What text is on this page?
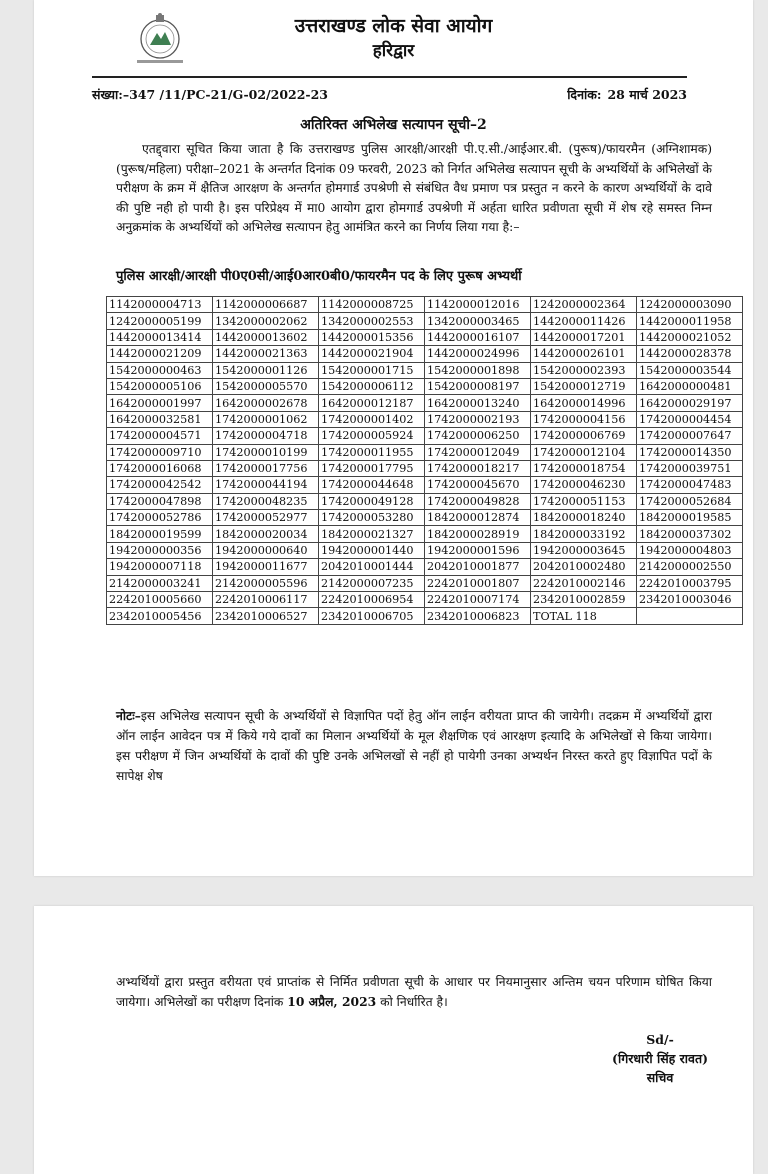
उत्तराखण्ड लोक सेवा आयोग
हरिद्वार
संख्या:–347 /11/PC-21/G-02/2022-23	दिनांक: 28 मार्च 2023
अतिरिक्त अभिलेख सत्यापन सूची–2
एतद्द्वारा सूचित किया जाता है कि उत्तराखण्ड पुलिस आरक्षी/आरक्षी पी.ए.सी./आईआर.बी. (पुरूष)/फायरमैन (अग्निशामक) (पुरूष/महिला) परीक्षा–2021 के अन्तर्गत दिनांक 09 फरवरी, 2023 को निर्गत अभिलेख सत्यापन सूची के अभ्यर्थियों के अभिलेखों के परीक्षण के क्रम में क्षैतिज आरक्षण के अन्तर्गत होमगार्ड उपश्रेणी से संबंधित वैध प्रमाण पत्र प्रस्तुत न करने के कारण अभ्यर्थियों के दावे की पुष्टि नही हो पायी है। इस परिप्रेक्ष्य में मा0 आयोग द्वारा होमगार्ड उपश्रेणी में अर्हता धारित प्रवीणता सूची में शेष रहे समस्त निम्न अनुक्रमांक के अभ्यर्थियों को अभिलेख सत्यापन हेतु आमंत्रित करने का निर्णय लिया गया है:–
पुलिस आरक्षी/आरक्षी पी0ए0सी/आई0आर0बी0/फायरमैन पद के लिए पुरूष अभ्यर्थी
1142000004713	1142000006687	1142000008725	1142000012016	1242000002364	1242000003090
1242000005199	1342000002062	1342000002553	1342000003465	1442000011426	1442000011958
1442000013414	1442000013602	1442000015356	1442000016107	1442000017201	1442000021052
1442000021209	1442000021363	1442000021904	1442000024996	1442000026101	1442000028378
1542000000463	1542000001126	1542000001715	1542000001898	1542000002393	1542000003544
1542000005106	1542000005570	1542000006112	1542000008197	1542000012719	1642000000481
1642000001997	1642000002678	1642000012187	1642000013240	1642000014996	1642000029197
1642000032581	1742000001062	1742000001402	1742000002193	1742000004156	1742000004454
1742000004571	1742000004718	1742000005924	1742000006250	1742000006769	1742000007647
1742000009710	1742000010199	1742000011955	1742000012049	1742000012104	1742000014350
1742000016068	1742000017756	1742000017795	1742000018217	1742000018754	1742000039751
1742000042542	1742000044194	1742000044648	1742000045670	1742000046230	1742000047483
1742000047898	1742000048235	1742000049128	1742000049828	1742000051153	1742000052684
1742000052786	1742000052977	1742000053280	1842000012874	1842000018240	1842000019585
1842000019599	1842000020034	1842000021327	1842000028919	1842000033192	1842000037302
1942000000356	1942000000640	1942000001440	1942000001596	1942000003645	1942000004803
1942000007118	1942000011677	2042010001444	2042010001877	2042010002480	2142000002550
2142000003241	2142000005596	2142000007235	2242010001807	2242010002146	2242010003795
2242010005660	2242010006117	2242010006954	2242010007174	2342010002859	2342010003046
2342010005456	2342010006527	2342010006705	2342010006823	TOTAL 118	
नोटः–इस अभिलेख सत्यापन सूची के अभ्यर्थियों से विज्ञापित पदों हेतु ऑन लाईन वरीयता प्राप्त की जायेगी। तदक्रम में अभ्यर्थियों द्वारा ऑन लाईन आवेदन पत्र में किये गये दावों का मिलान अभ्यर्थियों के मूल शैक्षणिक एवं आरक्षण इत्यादि के अभिलेखों से किया जायेगा। इस परीक्षण में जिन अभ्यर्थियों के दावों की पुष्टि उनके अभिलखों से नहीं हो पायेगी उनका अभ्यर्थन निरस्त करते हुए विज्ञापित पदों के सापेक्ष शेष
अभ्यर्थियों द्वारा प्रस्तुत वरीयता एवं प्राप्तांक से निर्मित प्रवीणता सूची के आधार पर नियमानुसार अन्तिम चयन परिणाम घोषित किया जायेगा। अभिलेखों का परीक्षण दिनांक 10 अप्रैल, 2023 को निर्धारित है।
Sd/-
(गिरधारी सिंह रावत)
सचिव
